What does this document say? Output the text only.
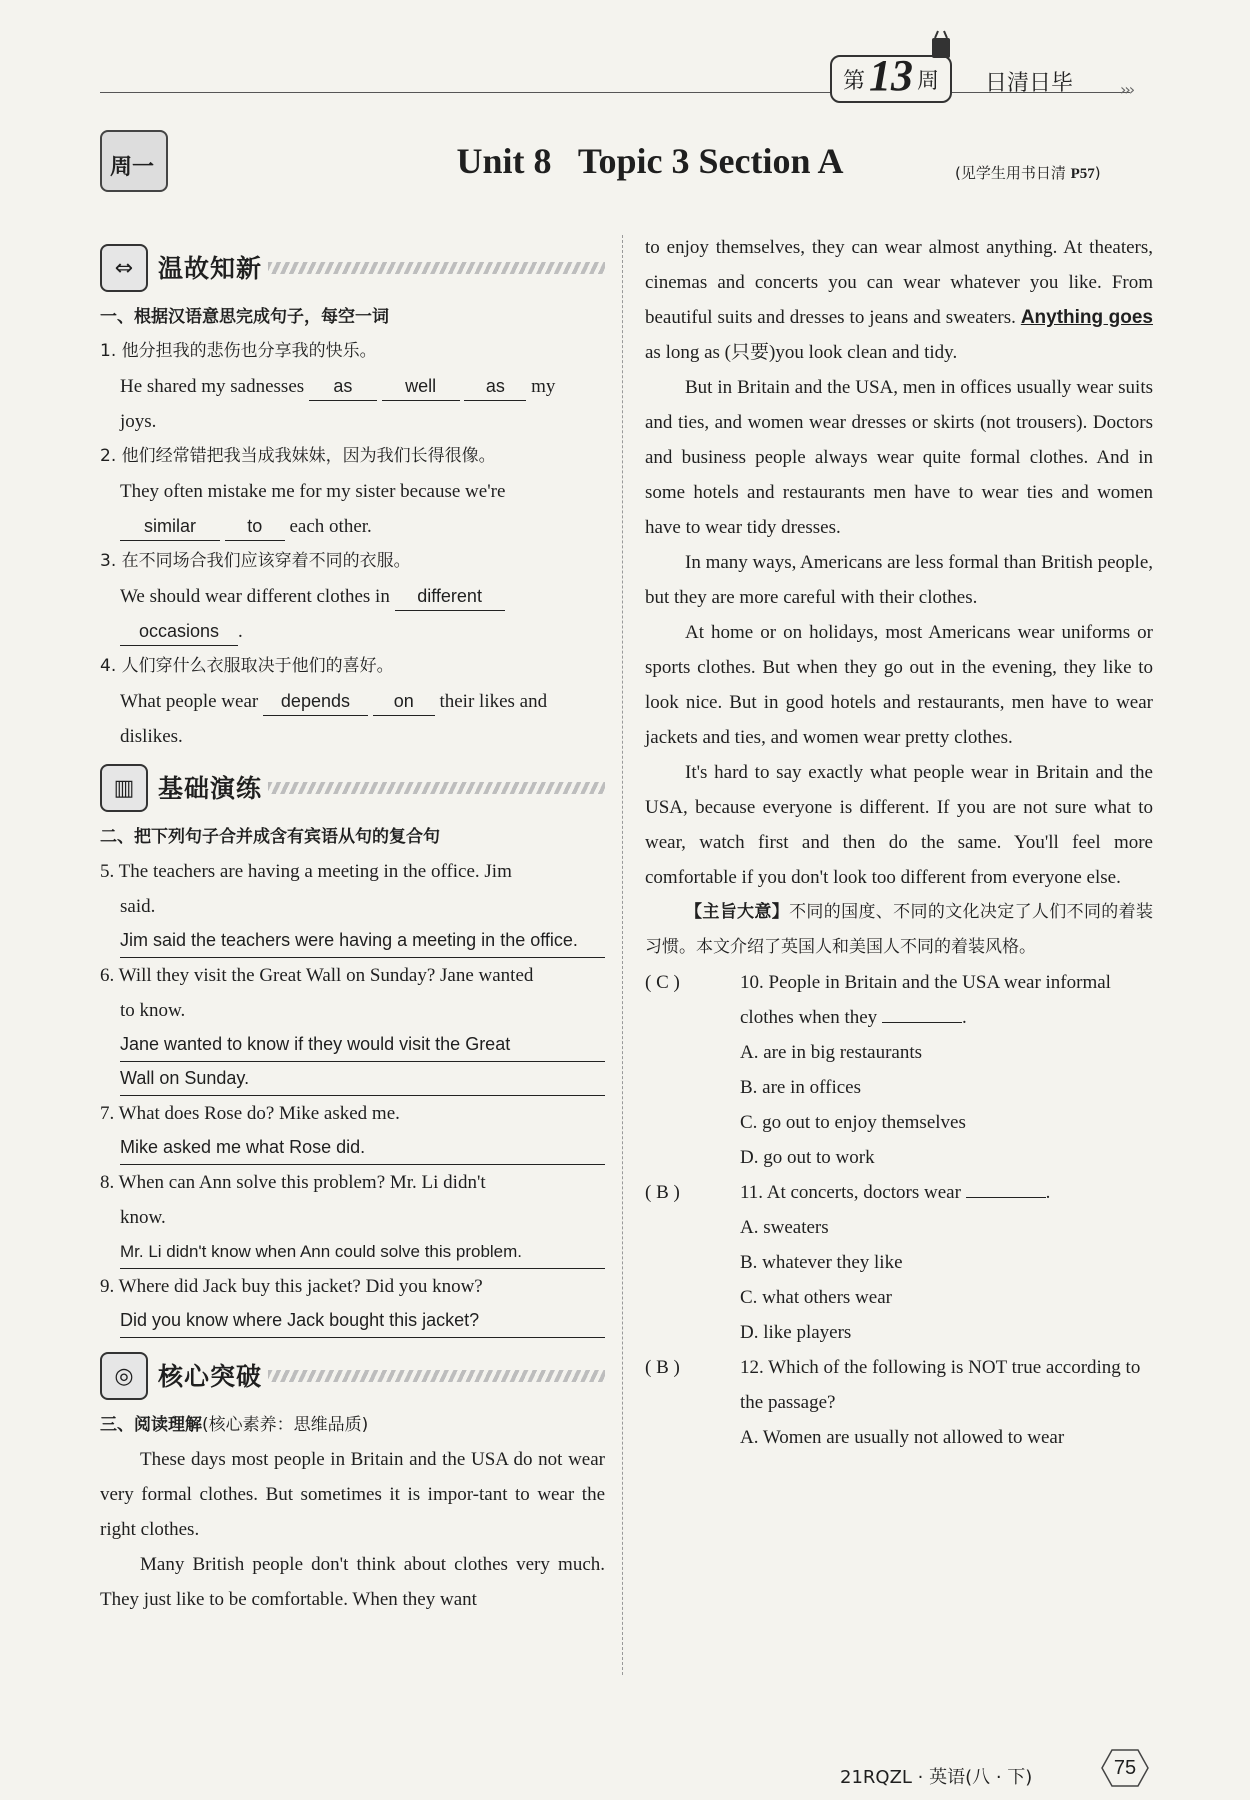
›››
第 13 周 日清日毕
周一	Unit 8   Topic 3 Section A	(见学生用书日清 P57)
⇔ 温故知新
一、根据汉语意思完成句子，每空一词
1. 他分担我的悲伤也分享我的快乐。
He shared my sadnesses as	well	as my
joys.
2. 他们经常错把我当成我妹妹，因为我们长得很像。
They often mistake me for my sister because we're
similar	to each other.
3. 在不同场合我们应该穿着不同的衣服。
We should wear different clothes in different
occasions .
4. 人们穿什么衣服取决于他们的喜好。
What people wear depends on their likes and
dislikes.
▥ 基础演练
二、把下列句子合并成含有宾语从句的复合句
5. The teachers are having a meeting in the office. Jim
said.
Jim said the teachers were having a meeting in the office.
6. Will they visit the Great Wall on Sunday? Jane wanted
to know.
Jane wanted to know if they would visit the Great
Wall on Sunday.
7. What does Rose do? Mike asked me.
Mike asked me what Rose did.
8. When can Ann solve this problem? Mr. Li didn't
know.
Mr. Li didn't know when Ann could solve this problem.
9. Where did Jack buy this jacket? Did you know?
Did you know where Jack bought this jacket?
◎ 核心突破
三、阅读理解(核心素养：思维品质)
These days most people in Britain and the USA do not wear very formal clothes. But sometimes it is impor-tant to wear the right clothes.
Many British people don't think about clothes very much. They just like to be comfortable. When they want
to enjoy themselves, they can wear almost anything. At theaters, cinemas and concerts you can wear whatever you like. From beautiful suits and dresses to jeans and sweaters. Anything goes as long as (只要)you look clean and tidy.
But in Britain and the USA, men in offices usually wear suits and ties, and women wear dresses or skirts (not trousers). Doctors and business people always wear quite formal clothes. And in some hotels and restaurants men have to wear ties and women have to wear tidy dresses.
In many ways, Americans are less formal than British people, but they are more careful with their clothes.
At home or on holidays, most Americans wear uniforms or sports clothes. But when they go out in the evening, they like to look nice. But in good hotels and restaurants, men have to wear jackets and ties, and women wear pretty clothes.
It's hard to say exactly what people wear in Britain and the USA, because everyone is different. If you are not sure what to wear, watch first and then do the same. You'll feel more comfortable if you don't look too different from everyone else.
【主旨大意】不同的国度、不同的文化决定了人们不同的着装习惯。本文介绍了英国人和美国人不同的着装风格。
( C )	10. People in Britain and the USA wear informal clothes when they	.
A. are in big restaurants
B. are in offices
C. go out to enjoy themselves
D. go out to work
( B )	11. At concerts, doctors wear	.
A. sweaters
B. whatever they like
C. what others wear
D. like players
( B )	12. Which of the following is NOT true according to the passage?
A. Women are usually not allowed to wear
21RQZL · 英语(八 · 下)	75
